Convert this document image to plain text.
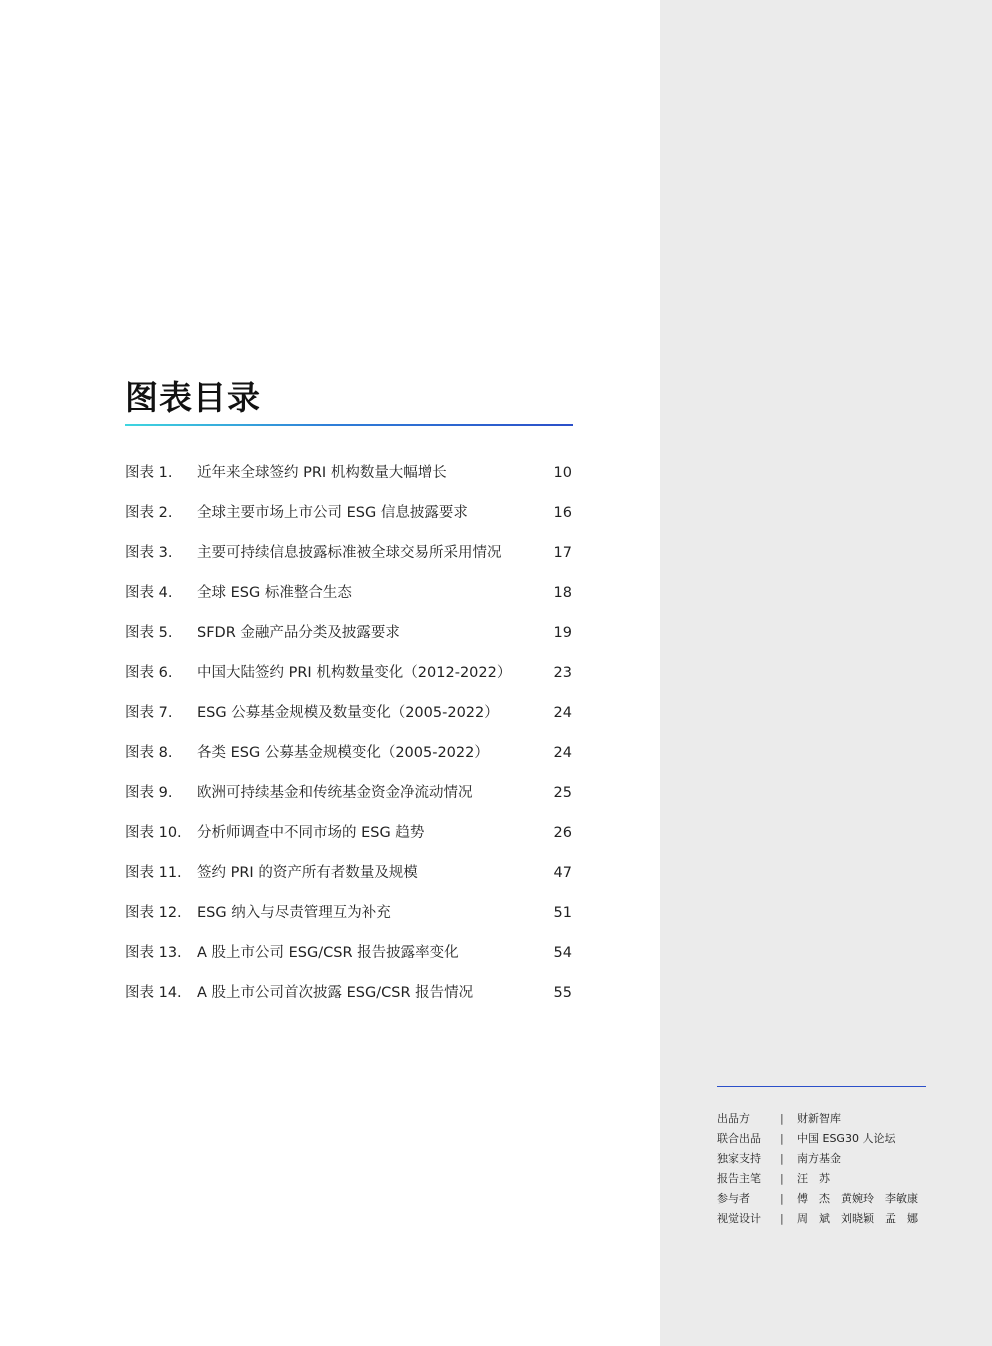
图表目录
图表 1. 近年来全球签约 PRI 机构数量大幅增长	10
图表 2. 全球主要市场上市公司 ESG 信息披露要求	16
图表 3. 主要可持续信息披露标准被全球交易所采用情况	17
图表 4. 全球 ESG 标准整合生态	18
图表 5. SFDR 金融产品分类及披露要求	19
图表 6. 中国大陆签约 PRI 机构数量变化（2012-2022）	23
图表 7. ESG 公募基金规模及数量变化（2005-2022）	24
图表 8. 各类 ESG 公募基金规模变化（2005-2022）	24
图表 9. 欧洲可持续基金和传统基金资金净流动情况	25
图表 10. 分析师调查中不同市场的 ESG 趋势	26
图表 11. 签约 PRI 的资产所有者数量及规模	47
图表 12. ESG 纳入与尽责管理互为补充	51
图表 13. A 股上市公司 ESG/CSR 报告披露率变化	54
图表 14. A 股上市公司首次披露 ESG/CSR 报告情况	55
出品方	| 财新智库
联合出品 | 中国 ESG30 人论坛
独家支持 | 南方基金
报告主笔 | 汪　苏
参与者	| 傅　杰　黄婉玲　李敏康
视觉设计 | 周　斌　刘晓颖　孟　娜
